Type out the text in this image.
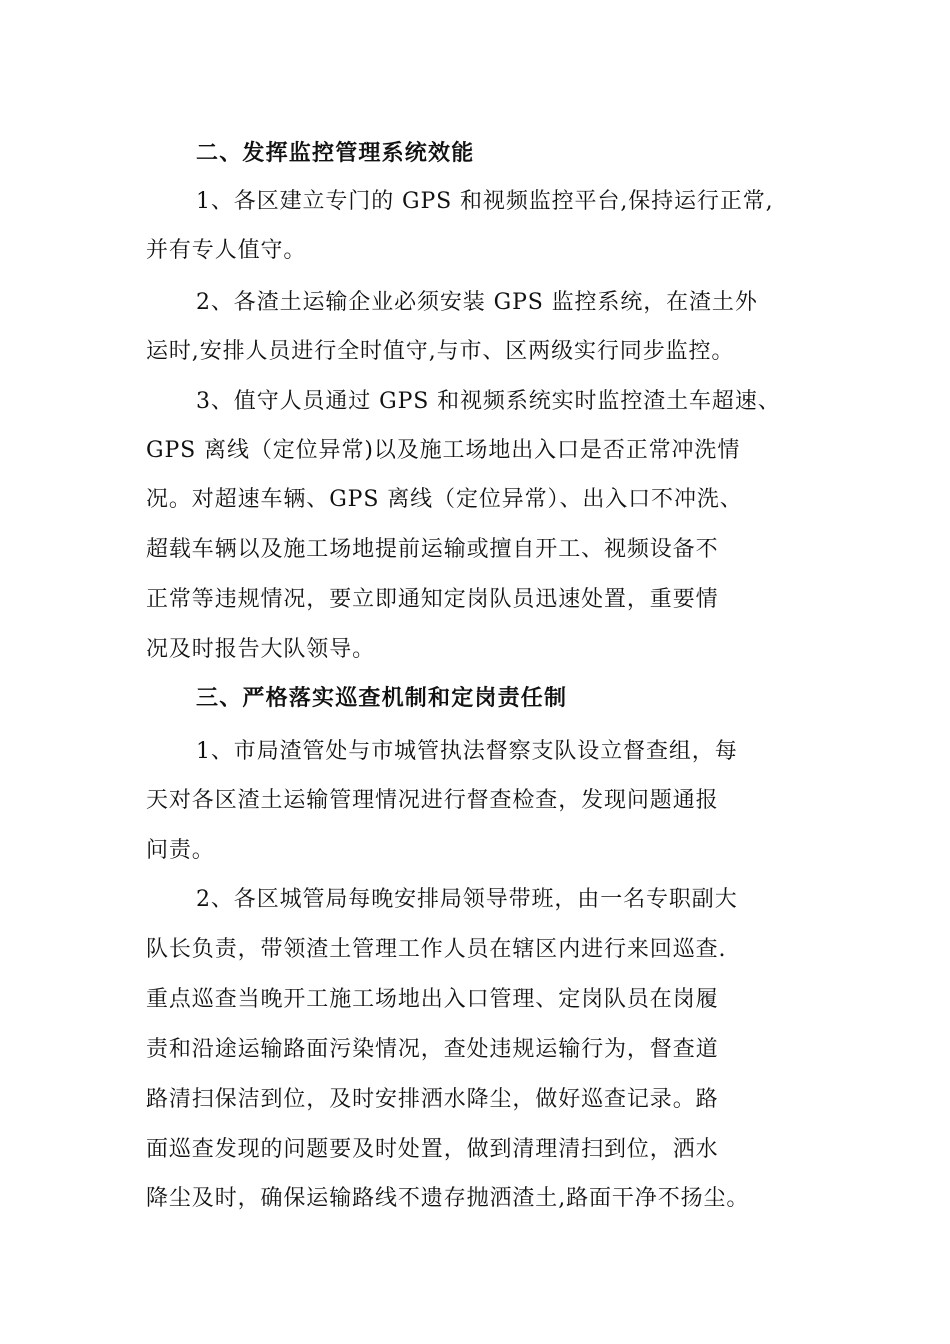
二、发挥监控管理系统效能
1、各区建立专门的 GPS 和视频监控平台,保持运行正常,
并有专人值守。
2、各渣土运输企业必须安装 GPS 监控系统，在渣土外
运时,安排人员进行全时值守,与市、区两级实行同步监控。
3、值守人员通过 GPS 和视频系统实时监控渣土车超速、
GPS 离线（定位异常)以及施工场地出入口是否正常冲洗情
况。对超速车辆、GPS 离线（定位异常）、出入口不冲洗、
超载车辆以及施工场地提前运输或擅自开工、视频设备不
正常等违规情况，要立即通知定岗队员迅速处置，重要情
况及时报告大队领导。
三、严格落实巡查机制和定岗责任制
1、市局渣管处与市城管执法督察支队设立督查组，每
天对各区渣土运输管理情况进行督查检查，发现问题通报
问责。
2、各区城管局每晚安排局领导带班，由一名专职副大
队长负责，带领渣土管理工作人员在辖区内进行来回巡查.
重点巡查当晚开工施工场地出入口管理、定岗队员在岗履
责和沿途运输路面污染情况，查处违规运输行为，督查道
路清扫保洁到位，及时安排洒水降尘，做好巡查记录。路
面巡查发现的问题要及时处置，做到清理清扫到位，洒水
降尘及时，确保运输路线不遗存抛洒渣土,路面干净不扬尘。
